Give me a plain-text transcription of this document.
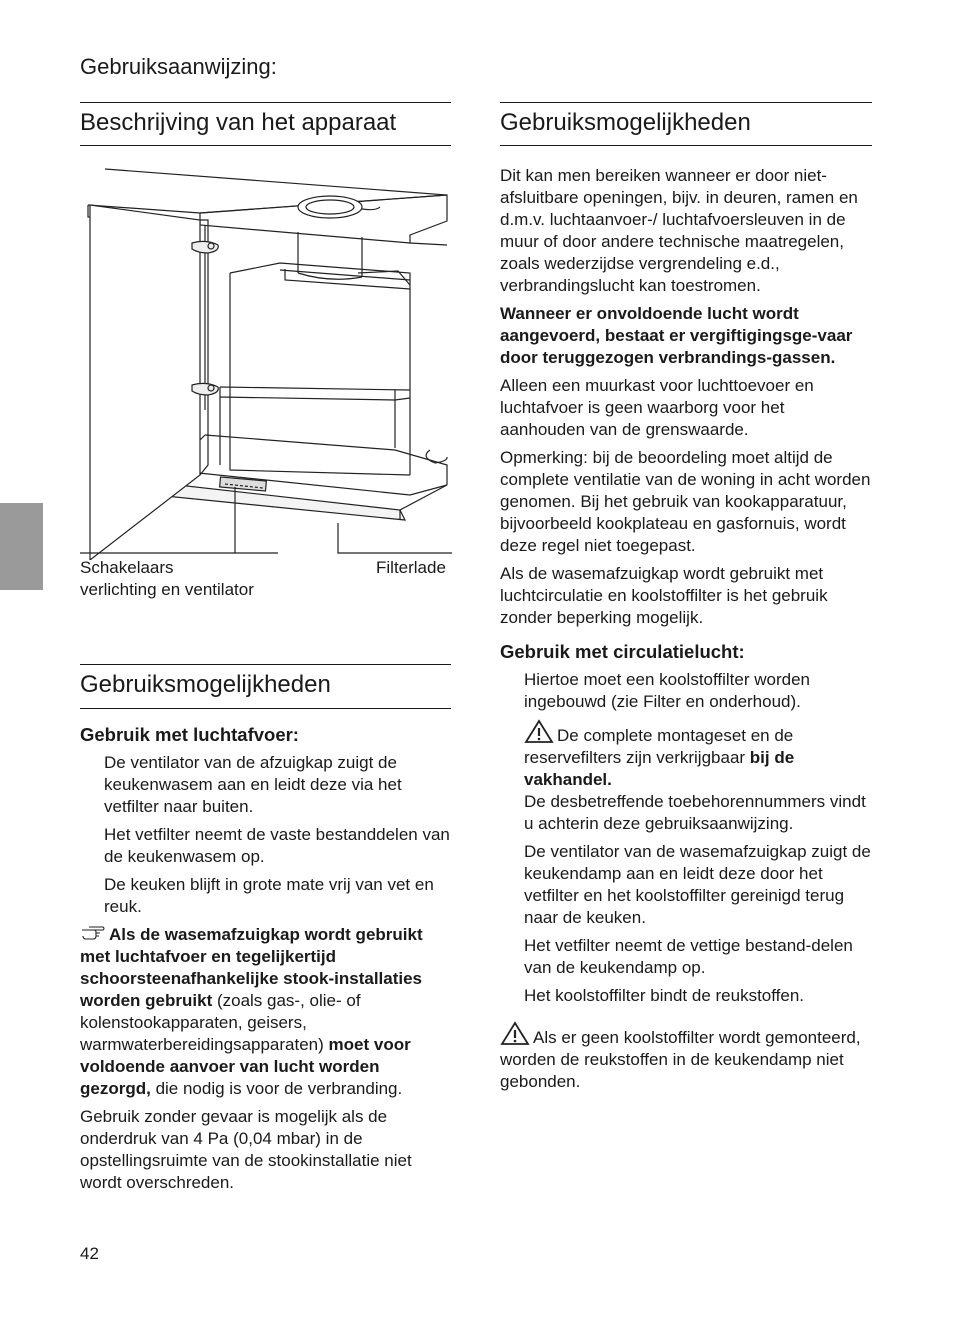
Gebruiksaanwijzing:
Beschrijving van het apparaat
Schakelaars
verlichting en ventilator
Filterlade
Gebruiksmogelijkheden
Gebruik met luchtafvoer:

De ventilator van de afzuigkap zuigt de keukenwasem aan en leidt deze via het vetfilter naar buiten.

Het vetfilter neemt de vaste bestanddelen van de keukenwasem op.

De keuken blijft in grote mate vrij van vet en reuk.

Als de wasemafzuigkap wordt gebruikt met luchtafvoer en tegelijkertijd schoorsteenafhankelijke stook-installaties worden gebruikt (zoals gas-, olie- of kolenstookapparaten, geisers, warmwaterbereidingsapparaten) moet voor voldoende aanvoer van lucht worden gezorgd, die nodig is voor de verbranding.

Gebruik zonder gevaar is mogelijk als de onderdruk van 4 Pa (0,04 mbar) in de opstellingsruimte van de stookinstallatie niet wordt overschreden.

Gebruiksmogelijkheden

Dit kan men bereiken wanneer er door niet-afsluitbare openingen, bijv. in deuren, ramen en d.m.v. luchtaanvoer-/ luchtafvoersleuven in de muur of door andere technische maatregelen, zoals wederzijdse vergrendeling e.d., verbrandingslucht kan toestromen.

Wanneer er onvoldoende lucht wordt aangevoerd, bestaat er vergiftigingsge-vaar door teruggezogen verbrandings-gassen.

Alleen een muurkast voor luchttoevoer en luchtafvoer is geen waarborg voor het aanhouden van de grenswaarde.

Opmerking: bij de beoordeling moet altijd de complete ventilatie van de woning in acht worden genomen. Bij het gebruik van kookapparatuur, bijvoorbeeld kookplateau en gasfornuis, wordt deze regel niet toegepast.

Als de wasemafzuigkap wordt gebruikt met luchtcirculatie en koolstoffilter is het gebruik zonder beperking mogelijk.

Gebruik met circulatielucht:

Hiertoe moet een koolstoffilter worden ingebouwd (zie Filter en onderhoud).

De complete montageset en de reservefilters zijn verkrijgbaar bij de vakhandel.
De desbetreffende toebehorennummers vindt u achterin deze gebruiksaanwijzing.

De ventilator van de wasemafzuigkap zuigt de keukendamp aan en leidt deze door het vetfilter en het koolstoffilter gereinigd terug naar de keuken.

Het vetfilter neemt de vettige bestand-delen van de keukendamp op.

Het koolstoffilter bindt de reukstoffen.

Als er geen koolstoffilter wordt gemonteerd, worden de reukstoffen in de keukendamp niet gebonden.

42
